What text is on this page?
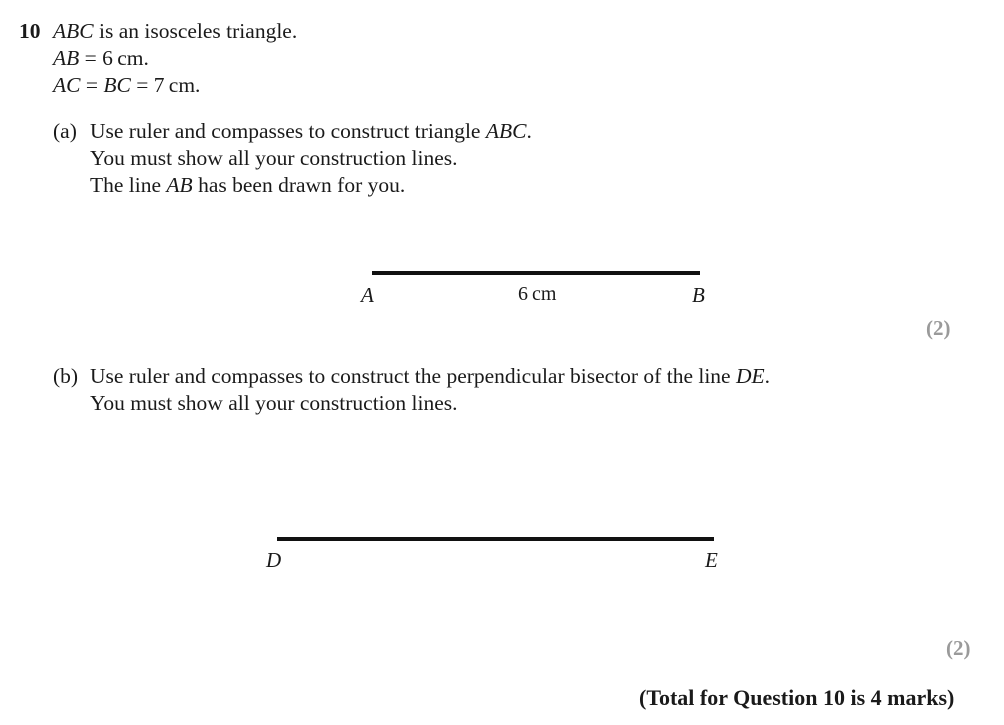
10 ABC is an isosceles triangle.
AB = 6 cm.
AC = BC = 7 cm.
(a) Use ruler and compasses to construct triangle ABC.
You must show all your construction lines.
The line AB has been drawn for you.
A	6 cm	B
(2)
(b) Use ruler and compasses to construct the perpendicular bisector of the line DE.
You must show all your construction lines.
D	E
(2)
(Total for Question 10 is 4 marks)
